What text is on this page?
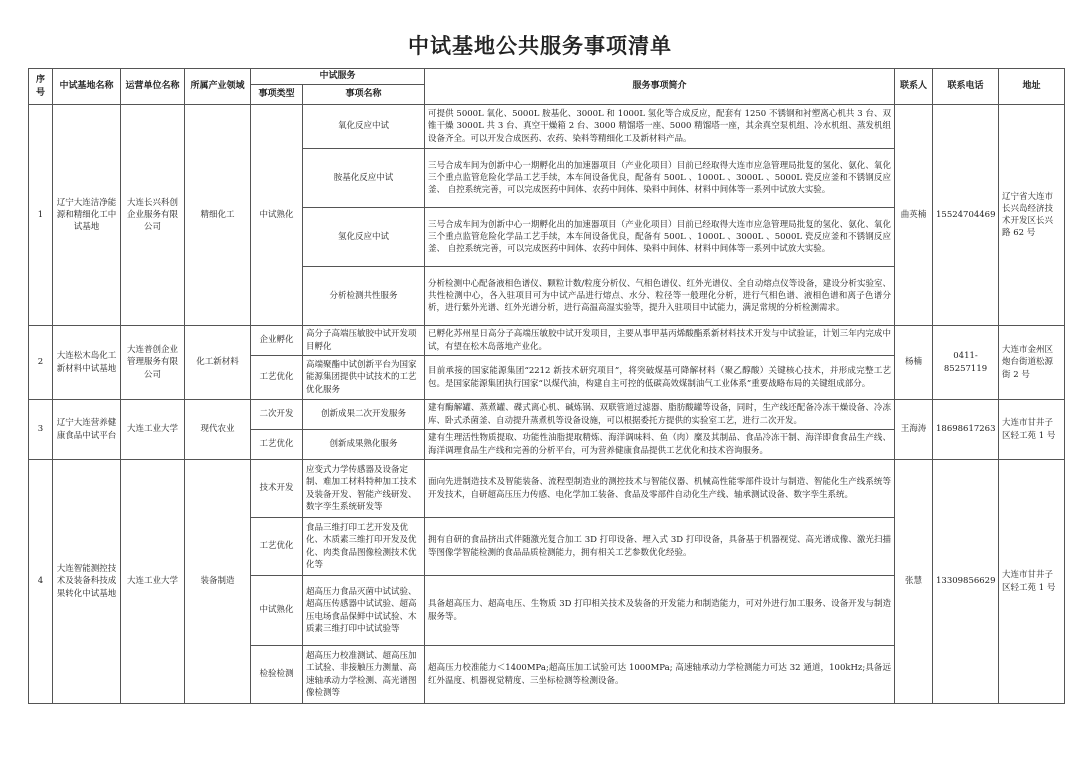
中试基地公共服务事项清单
序号	中试基地名称	运营单位名称	所属产业领域	中试服务		服务事项简介	联系人	联系电话	地址
				事项类型	事项名称				
1	辽宁大连洁净能源和精细化工中试基地	大连长兴科创企业服务有限公司	精细化工	中试熟化	氧化反应中试	可提供 5000L 氧化、5000L 胺基化、3000L 和 1000L 氢化等合成反应，配套有 1250 不锈钢和衬塑离心机共 3 台、双锥干燥 3000L 共 3 台、真空干燥箱 2 台、3000 精馏塔一座、5000 精馏塔一座，其余真空泵机组、冷水机组、蒸发机组设备齐全。可以开发合成医药、农药、染料等精细化工及新材料产品。	曲英楠	15524704469	辽宁省大连市长兴岛经济技术开发区长兴路 62 号
					胺基化反应中试	三号合成车间为创新中心一期孵化出的加速器项目（产业化项目）目前已经取得大连市应急管理局批复的氢化、氨化、氧化三个重点监管危险化学品工艺手续，本车间设备优良，配备有 500L 、1000L 、3000L 、5000L 瓷反应釜和不锈钢反应釜、 自控系统完善，可以完成医药中间体、农药中间体、染料中间体、材料中间体等一系列中试放大实验。			
					氢化反应中试	三号合成车间为创新中心一期孵化出的加速器项目（产业化项目）目前已经取得大连市应急管理局批复的氢化、氨化、氧化三个重点监管危险化学品工艺手续，本车间设备优良，配备有 500L 、1000L 、3000L 、5000L 瓷反应釜和不锈钢反应釜、 自控系统完善，可以完成医药中间体、农药中间体、染料中间体、材料中间体等一系列中试放大实验。			
					分析检测共性服务	分析检测中心配备液相色谱仪、颗粒计数/粒度分析仪、气相色谱仪、红外光谱仪、全自动熔点仪等设备，建设分析实验室、共性检测中心，各入驻项目可为中试产品进行熔点、水分、粒径等一般理化分析，进行气相色谱、液相色谱和离子色谱分析，进行紫外光谱、红外光谱分析，进行高温高湿实验等，提升入驻项目中试能力，满足常规的分析检测需求。			
2	大连松木岛化工新材料中试基地	大连普创企业管理服务有限公司	化工新材料	企业孵化	高分子高端压敏胶中试开发项目孵化	已孵化苏州星日高分子高端压敏胶中试开发项目，主要从事甲基丙烯酸酯系新材料技术开发与中试验证，计划三年内完成中试，有望在松木岛落地产业化。	杨楠	0411-85257119	大连市金州区炮台街道松源街 2 号
				工艺优化	高端聚酯中试创新平台为国家能源集团提供中试技术的工艺优化服务	目前承接的国家能源集团“2212 新技术研究项目”，将突破煤基可降解材料（聚乙醇酸）关键核心技术，并形成完整工艺包。是国家能源集团执行国家“以煤代油，构建自主可控的低碳高效煤制油气工业体系”重要战略布局的关键组成部分。			
3	辽宁大连营养健康食品中试平台	大连工业大学	现代农业	二次开发	创新成果二次开发服务	建有酶解罐、蒸煮罐、碟式离心机、碱炼锅、双联管道过滤器、脂肪酸罐等设备，同时，生产线还配备冷冻干燥设备、冷冻库、卧式杀菌釜、自动提升蒸煮机等设备设施，可以根据委托方提供的实验室工艺，进行二次开发。	王海涛	18698617263	大连市甘井子区轻工苑 1 号
				工艺优化	创新成果熟化服务	建有生理活性物质提取、功能性油脂提取精炼、海洋调味料、鱼（肉）糜及其制品、食品冷冻干制、海洋即食食品生产线、海洋调理食品生产线和完善的分析平台，可为营养健康食品提供工艺优化和技术咨询服务。			
4	大连智能测控技术及装备科技成果转化中试基地	大连工业大学	装备制造	技术开发	应变式力学传感器及设备定制、难加工材料特种加工技术及装备开发、智能产线研发、数字孪生系统研发等	面向先进制造技术及智能装备、流程型制造业的测控技术与智能仪器、机械高性能零部件设计与制造、智能化生产线系统等开发技术，自研超高压压力传感、电化学加工装备、食品及零部件自动化生产线、轴承测试设备、数字孪生系统。	张慧	13309856629	大连市甘井子区轻工苑 1 号
				工艺优化	食品三维打印工艺开发及优化、木质素三维打印开发及优化、肉类食品图像检测技术优化等	拥有自研的食品挤出式伴随激光复合加工 3D 打印设备、埋入式 3D 打印设备，具备基于机器视觉、高光谱成像、激光扫描等图像学智能检测的食品品质检测能力，拥有相关工艺参数优化经验。			
				中试熟化	超高压力食品灭菌中试试验、超高压传感器中试试验、超高压电场食品保鲜中试试验、木质素三维打印中试试验等	具备超高压力、超高电压、生物质 3D 打印相关技术及装备的开发能力和制造能力，可对外进行加工服务、设备开发与制造服务等。			
				检验检测	超高压力校准测试、超高压加工试验、非接触压力测量、高速轴承动力学检测、高光谱图像检测等	超高压力校准能力＜1400MPa;超高压加工试验可达 1000MPa; 高速轴承动力学检测能力可达 32 通道，100kHz;具备远红外温度、机器视觉精度、三坐标检测等检测设备。			
